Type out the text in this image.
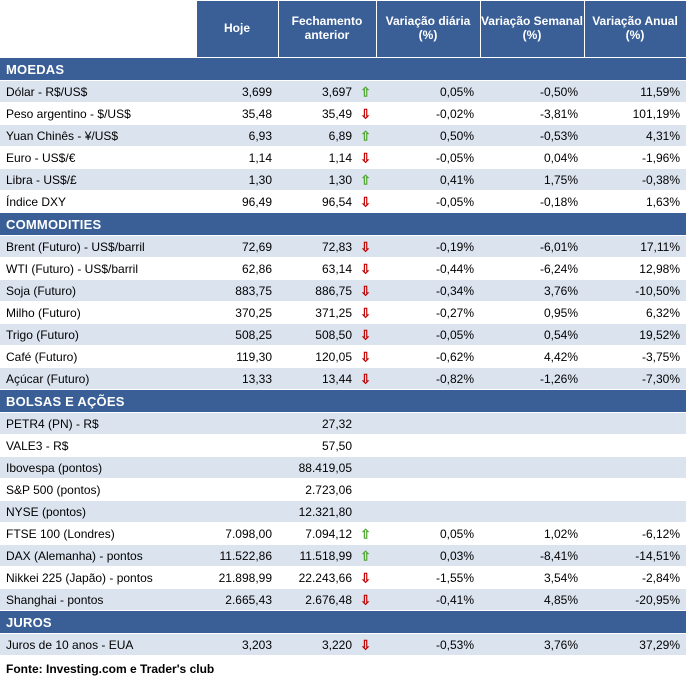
	Hoje	Fechamento anterior	Variação diária (%)	Variação Semanal (%)	Variação Anual (%)
MOEDAS					
Dólar - R$/US$	3,699	3,697 ⇧	0,05%	-0,50%	11,59%
Peso argentino - $/US$	35,48	35,49 ⇩	-0,02%	-3,81%	101,19%
Yuan Chinês - ¥/US$	6,93	6,89 ⇧	0,50%	-0,53%	4,31%
Euro - US$/€	1,14	1,14 ⇩	-0,05%	0,04%	-1,96%
Libra - US$/£	1,30	1,30 ⇧	0,41%	1,75%	-0,38%
Índice DXY	96,49	96,54 ⇩	-0,05%	-0,18%	1,63%
COMMODITIES					
Brent (Futuro) - US$/barril	72,69	72,83 ⇩	-0,19%	-6,01%	17,11%
WTI (Futuro) - US$/barril	62,86	63,14 ⇩	-0,44%	-6,24%	12,98%
Soja (Futuro)	883,75	886,75 ⇩	-0,34%	3,76%	-10,50%
Milho (Futuro)	370,25	371,25 ⇩	-0,27%	0,95%	6,32%
Trigo (Futuro)	508,25	508,50 ⇩	-0,05%	0,54%	19,52%
Café (Futuro)	119,30	120,05 ⇩	-0,62%	4,42%	-3,75%
Açúcar (Futuro)	13,33	13,44 ⇩	-0,82%	-1,26%	-7,30%
BOLSAS E AÇÕES					
PETR4 (PN) - R$		27,32			
VALE3 - R$		57,50			
Ibovespa (pontos)		88.419,05			
S&P 500 (pontos)		2.723,06			
NYSE (pontos)		12.321,80			
FTSE 100 (Londres)	7.098,00	7.094,12 ⇧	0,05%	1,02%	-6,12%
DAX (Alemanha) - pontos	11.522,86	11.518,99 ⇧	0,03%	-8,41%	-14,51%
Nikkei 225 (Japão) - pontos	21.898,99	22.243,66 ⇩	-1,55%	3,54%	-2,84%
Shanghai - pontos	2.665,43	2.676,48 ⇩	-0,41%	4,85%	-20,95%
JUROS					
Juros de 10 anos - EUA	3,203	3,220 ⇩	-0,53%	3,76%	37,29%
Fonte: Investing.com e Trader's club
